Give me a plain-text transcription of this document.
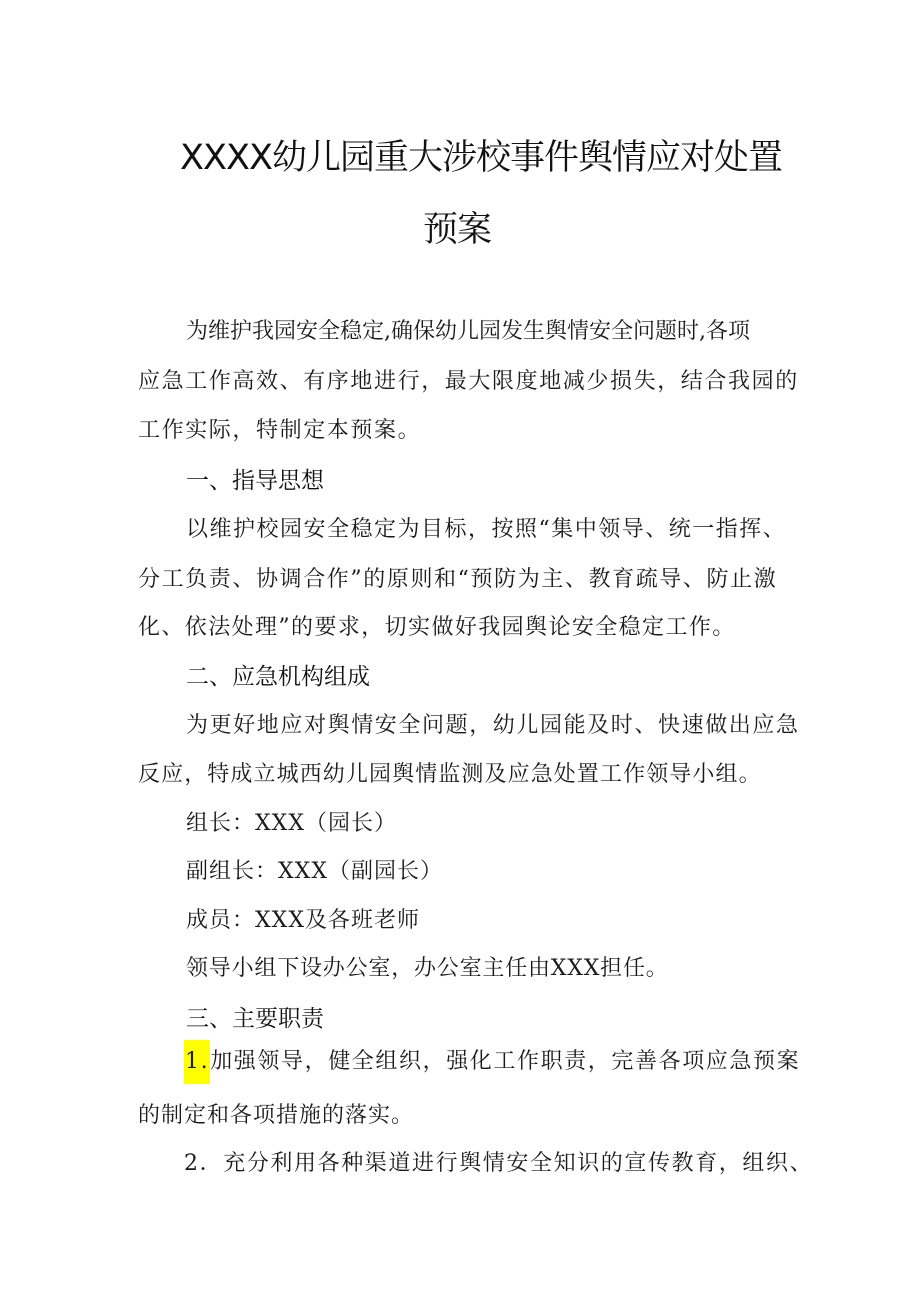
XXXX幼儿园重大涉校事件舆情应对处置
预案

为维护我园安全稳定,确保幼儿园发生舆情安全问题时,各项

应急工作高效、有序地进行，最大限度地减少损失，结合我园的

工作实际，特制定本预案。

一、指导思想

以维护校园安全稳定为目标，按照“集中领导、统一指挥、

分工负责、协调合作”的原则和“预防为主、教育疏导、防止激

化、依法处理”的要求，切实做好我园舆论安全稳定工作。

二、应急机构组成

为更好地应对舆情安全问题，幼儿园能及时、快速做出应急

反应，特成立城西幼儿园舆情监测及应急处置工作领导小组。

组长：XXX（园长）

副组长：XXX（副园长）

成员：XXX及各班老师

领导小组下设办公室，办公室主任由XXX担任。

三、主要职责

1.加强领导，健全组织，强化工作职责，完善各项应急预案

的制定和各项措施的落实。

2．充分利用各种渠道进行舆情安全知识的宣传教育，组织、
